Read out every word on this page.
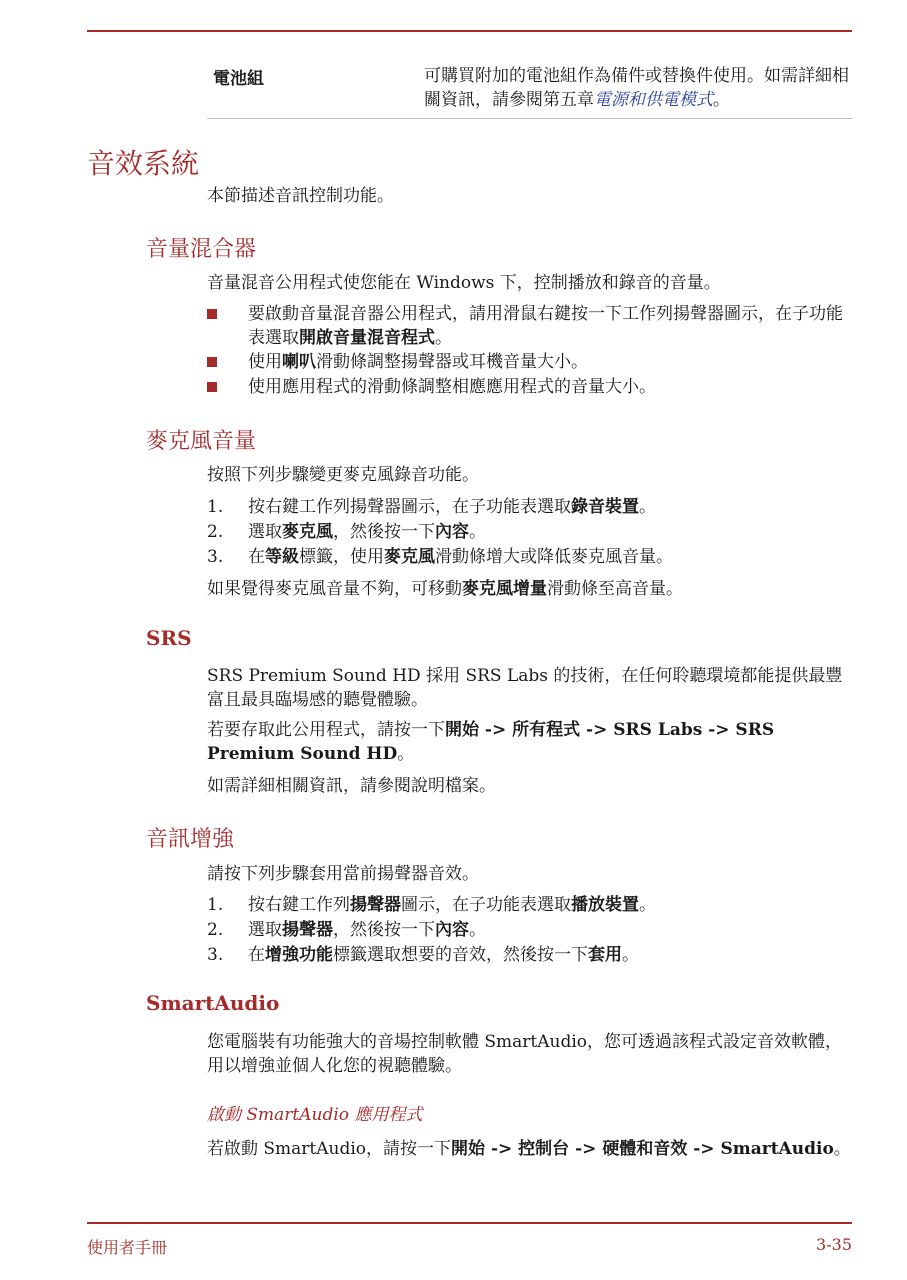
電池組	可購買附加的電池組作為備件或替換件使用。如需詳細相關資訊，請參閱第五章電源和供電模式。
音效系統

本節描述音訊控制功能。

音量混合器

音量混音公用程式使您能在 Windows 下，控制播放和錄音的音量。

要啟動音量混音器公用程式，請用滑鼠右鍵按一下工作列揚聲器圖示，在子功能表選取開啟音量混音程式。
使用喇叭滑動條調整揚聲器或耳機音量大小。
使用應用程式的滑動條調整相應應用程式的音量大小。
麥克風音量

按照下列步驟變更麥克風錄音功能。

1.	按右鍵工作列揚聲器圖示，在子功能表選取錄音裝置。
2.	選取麥克風，然後按一下內容。
3.	在等級標籤，使用麥克風滑動條增大或降低麥克風音量。

如果覺得麥克風音量不夠，可移動麥克風增量滑動條至高音量。

SRS

SRS Premium Sound HD 採用 SRS Labs 的技術，在任何聆聽環境都能提供最豐富且最具臨場感的聽覺體驗。

若要存取此公用程式，請按一下開始 -> 所有程式 -> SRS Labs -> SRS Premium Sound HD。

如需詳細相關資訊，請參閱說明檔案。

音訊增強

請按下列步驟套用當前揚聲器音效。

1.	按右鍵工作列揚聲器圖示，在子功能表選取播放裝置。
2.	選取揚聲器，然後按一下內容。
3.	在增強功能標籤選取想要的音效，然後按一下套用。
SmartAudio

您電腦裝有功能強大的音場控制軟體 SmartAudio，您可透過該程式設定音效軟體，用以增強並個人化您的視聽體驗。

啟動 SmartAudio 應用程式

若啟動 SmartAudio，請按一下開始 -> 控制台 -> 硬體和音效 -> SmartAudio。

使用者手冊	3-35
